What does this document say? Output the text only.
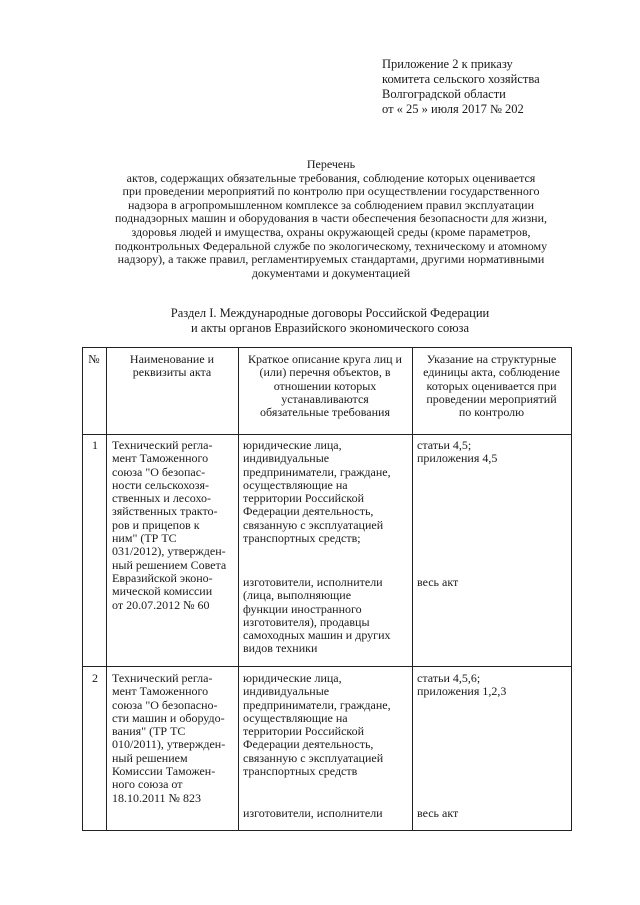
Приложение 2 к приказу
комитета сельского хозяйства
Волгоградской области
от « 25 » июля 2017 № 202
Перечень
актов, содержащих обязательные требования, соблюдение которых оценивается
при проведении мероприятий по контролю при осуществлении государственного
надзора в агропромышленном комплексе за соблюдением правил эксплуатации
поднадзорных машин и оборудования в части обеспечения безопасности для жизни,
здоровья людей и имущества, охраны окружающей среды (кроме параметров,
подконтрольных Федеральной службе по экологическому, техническому и атомному
надзору), а также правил, регламентируемых стандартами, другими нормативными
документами и документацией
Раздел I. Международные договоры Российской Федерации
и акты органов Евразийского экономического союза
№	Наименование и
реквизиты акта
Краткое описание круга лиц и
(или) перечня объектов, в
отношении которых
устанавливаются
обязательные требования
Указание на структурные
единицы акта, соблюдение
которых оценивается при
проведении мероприятий
по контролю
1 Технический регла-
мент Таможенного
союза "О безопас-
ности сельскохозя-
ственных и лесохо-
зяйственных тракто-
ров и прицепов к
ним" (ТР ТС
031/2012), утвержден-
ный решением Совета
Евразийской эконо-
мической комиссии
от 20.07.2012 № 60
юридические лица,
индивидуальные
предприниматели, граждане,
осуществляющие на
территории Российской
Федерации деятельность,
связанную с эксплуатацией
транспортных средств;
изготовители, исполнители
(лица, выполняющие
функции иностранного
изготовителя), продавцы
самоходных машин и других
видов техники
статьи 4,5;
приложения 4,5
весь акт
2 Технический регла-
мент Таможенного
союза "О безопасно-
сти машин и оборудо-
вания" (ТР ТС
010/2011), утвержден-
ный решением
Комиссии Таможен-
ного союза от
18.10.2011 № 823
юридические лица,
индивидуальные
предприниматели, граждане,
осуществляющие на
территории Российской
Федерации деятельность,
связанную с эксплуатацией
транспортных средств
изготовители, исполнители
статьи 4,5,6;
приложения 1,2,3
весь акт
